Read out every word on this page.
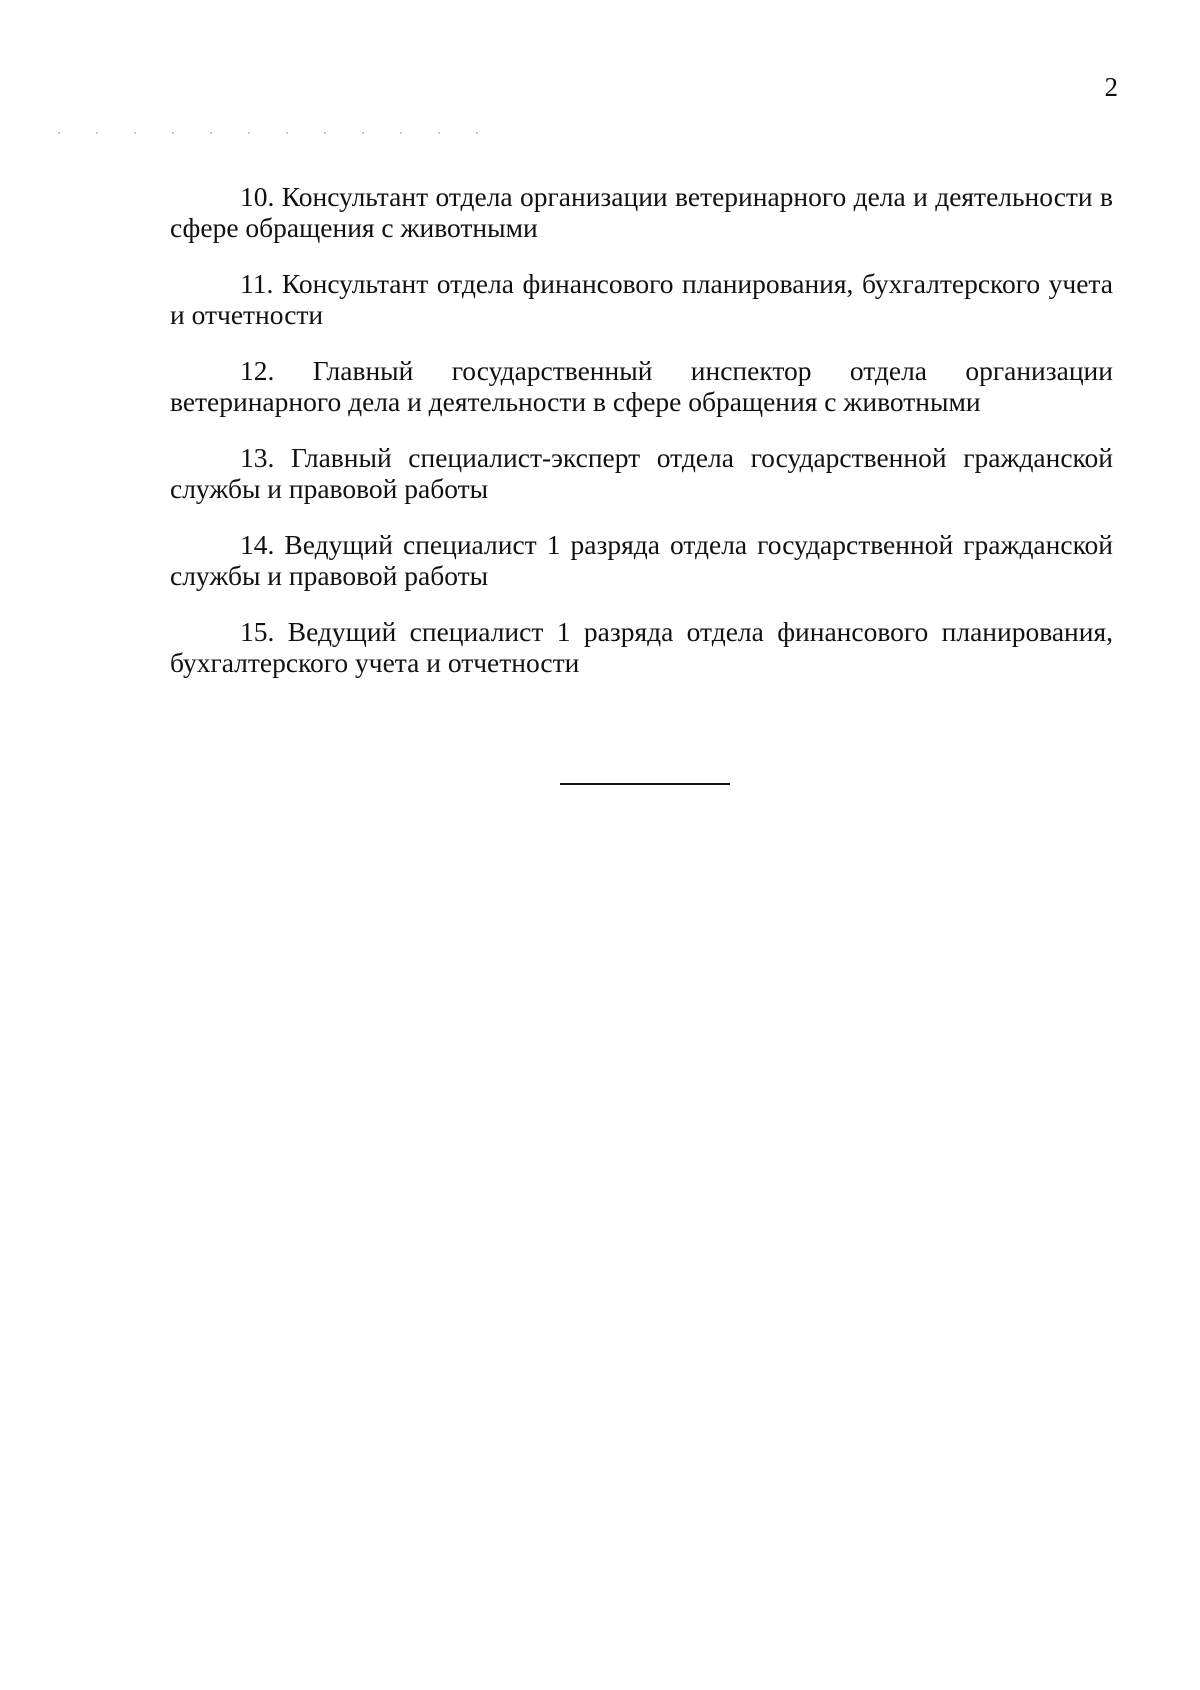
2

10. Консультант отдела организации ветеринарного дела и деятельности в сфере обращения с животными

11. Консультант отдела финансового планирования, бухгалтерского учета и отчетности

12. Главный государственный инспектор отдела организации ветеринарного дела и деятельности в сфере обращения с животными

13. Главный специалист-эксперт отдела государственной гражданской службы и правовой работы

14. Ведущий специалист 1 разряда отдела государственной гражданской службы и правовой работы

15. Ведущий специалист 1 разряда отдела финансового планирования, бухгалтерского учета и отчетности
